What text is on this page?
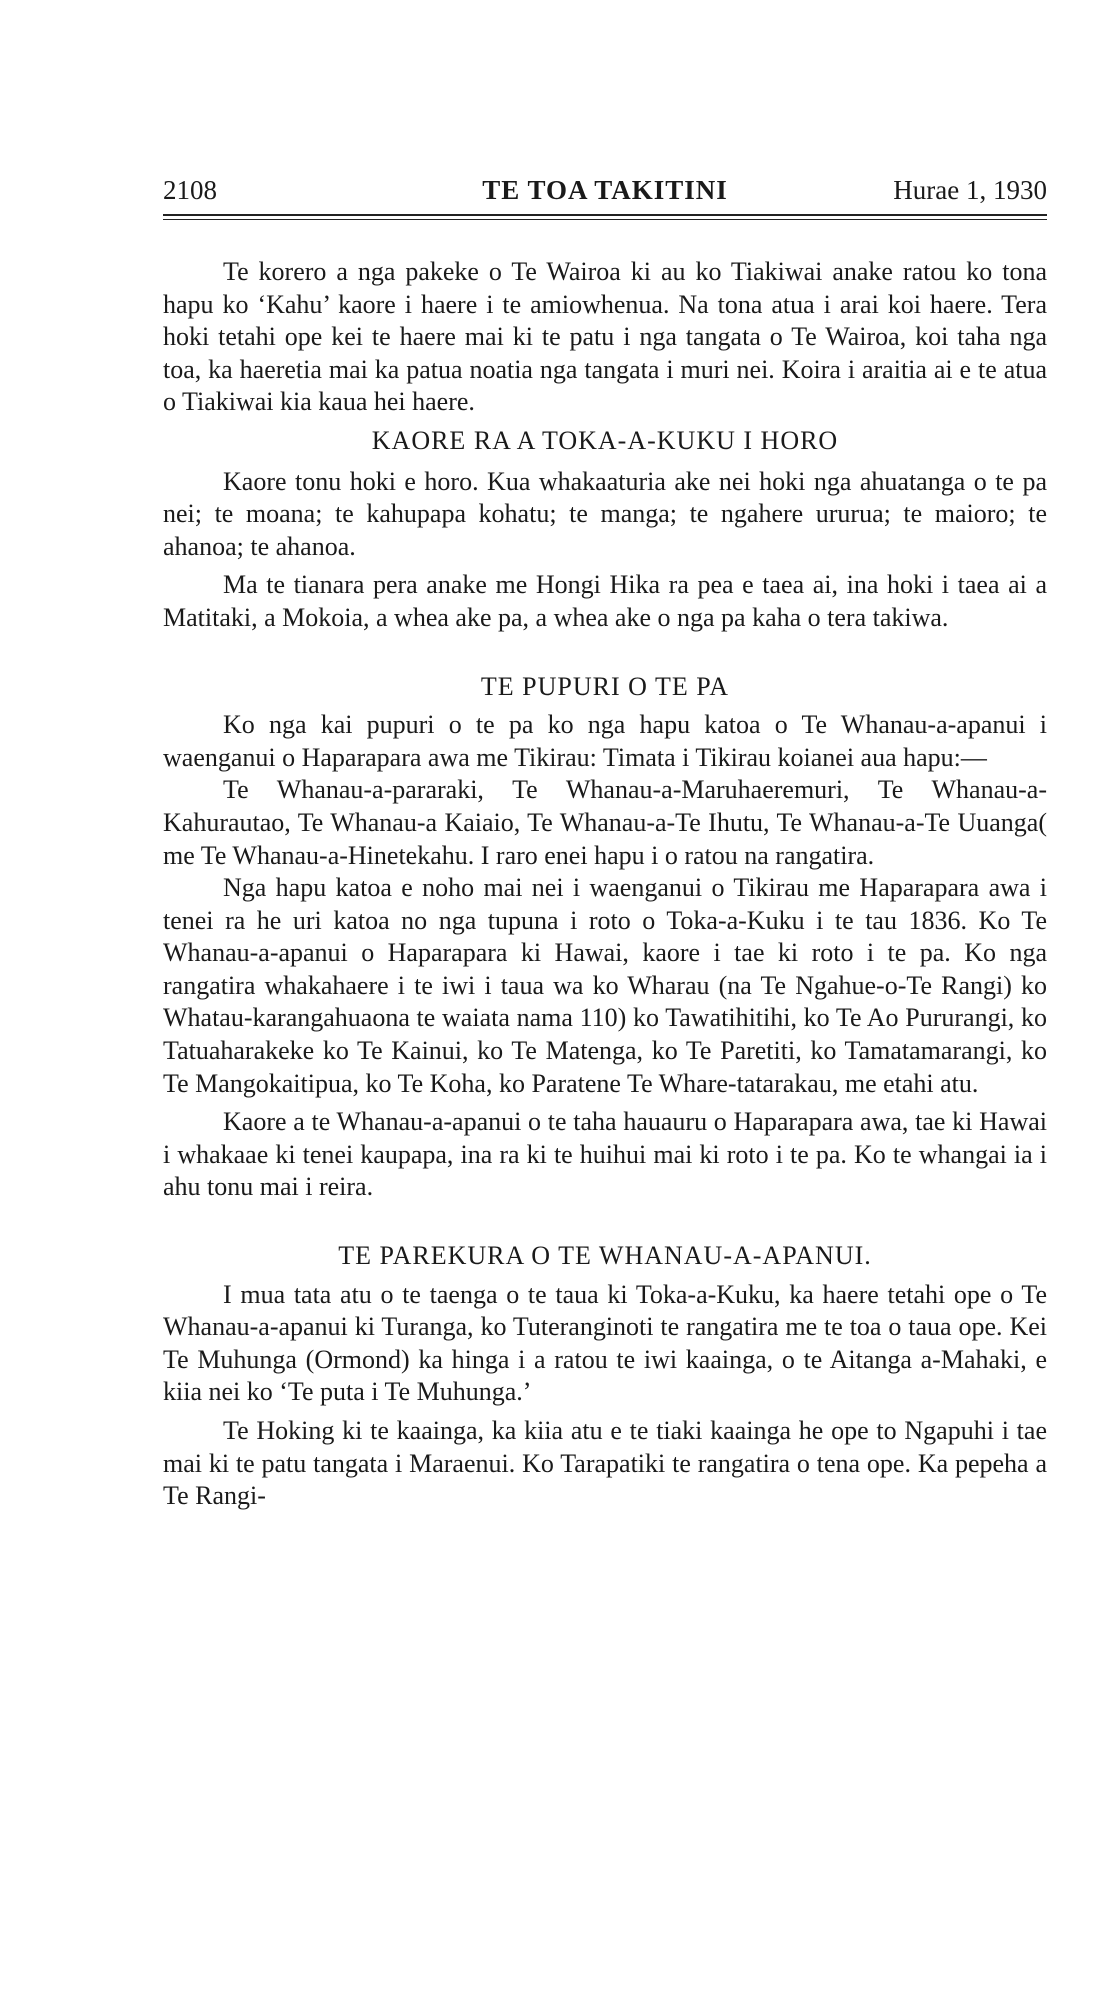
2108	TE TOA TAKITINI	Hurae 1, 1930

Te korero a nga pakeke o Te Wairoa ki au ko Tiakiwai anake ratou ko tona hapu ko ‘Kahu’ kaore i haere i te amiowhenua. Na tona atua i arai koi haere. Tera hoki tetahi ope kei te haere mai ki te patu i nga tangata o Te Wairoa, koi taha nga toa, ka haeretia mai ka patua noatia nga tangata i muri nei. Koira i araitia ai e te atua o Tiakiwai kia kaua hei haere.

KAORE RA A TOKA-A-KUKU I HORO

Kaore tonu hoki e horo. Kua whakaaturia ake nei hoki nga ahuatanga o te pa nei; te moana; te kahupapa kohatu; te manga; te ngahere ururua; te maioro; te ahanoa; te ahanoa.

Ma te tianara pera anake me Hongi Hika ra pea e taea ai, ina hoki i taea ai a Matitaki, a Mokoia, a whea ake pa, a whea ake o nga pa kaha o tera takiwa.

TE PUPURI O TE PA

Ko nga kai pupuri o te pa ko nga hapu katoa o Te Whanau-a-apanui i waenganui o Haparapara awa me Tikirau: Timata i Tikirau koianei aua hapu:—

Te Whanau-a-pararaki, Te Whanau-a-Maruhaeremuri, Te Whanau-a-Kahurautao, Te Whanau-a Kaiaio, Te Whanau-a-Te Ihutu, Te Whanau-a-Te Uuanga( me Te Whanau-a-Hinetekahu. I raro enei hapu i o ratou na rangatira.

Nga hapu katoa e noho mai nei i waenganui o Tikirau me Haparapara awa i tenei ra he uri katoa no nga tupuna i roto o Toka-a-Kuku i te tau 1836. Ko Te Whanau-a-apanui o Haparapara ki Hawai, kaore i tae ki roto i te pa. Ko nga rangatira whakahaere i te iwi i taua wa ko Wharau (na Te Ngahue-o-Te Rangi) ko Whatau-karangahuaona te waiata nama 110) ko Tawatihitihi, ko Te Ao Pururangi, ko Tatuaharakeke ko Te Kainui, ko Te Matenga, ko Te Paretiti, ko Tamatamarangi, ko Te Mangokaitipua, ko Te Koha, ko Paratene Te Whare-tatarakau, me etahi atu.

Kaore a te Whanau-a-apanui o te taha hauauru o Haparapara awa, tae ki Hawai i whakaae ki tenei kaupapa, ina ra ki te huihui mai ki roto i te pa. Ko te whangai ia i ahu tonu mai i reira.

TE PAREKURA O TE WHANAU-A-APANUI.

I mua tata atu o te taenga o te taua ki Toka-a-Kuku, ka haere tetahi ope o Te Whanau-a-apanui ki Turanga, ko Tuteranginoti te rangatira me te toa o taua ope. Kei Te Muhunga (Ormond) ka hinga i a ratou te iwi kaainga, o te Aitanga a-Mahaki, e kiia nei ko ‘Te puta i Te Muhunga.’

Te Hoking ki te kaainga, ka kiia atu e te tiaki kaainga he ope to Ngapuhi i tae mai ki te patu tangata i Maraenui. Ko Tarapatiki te rangatira o tena ope. Ka pepeha a Te Rangi-
